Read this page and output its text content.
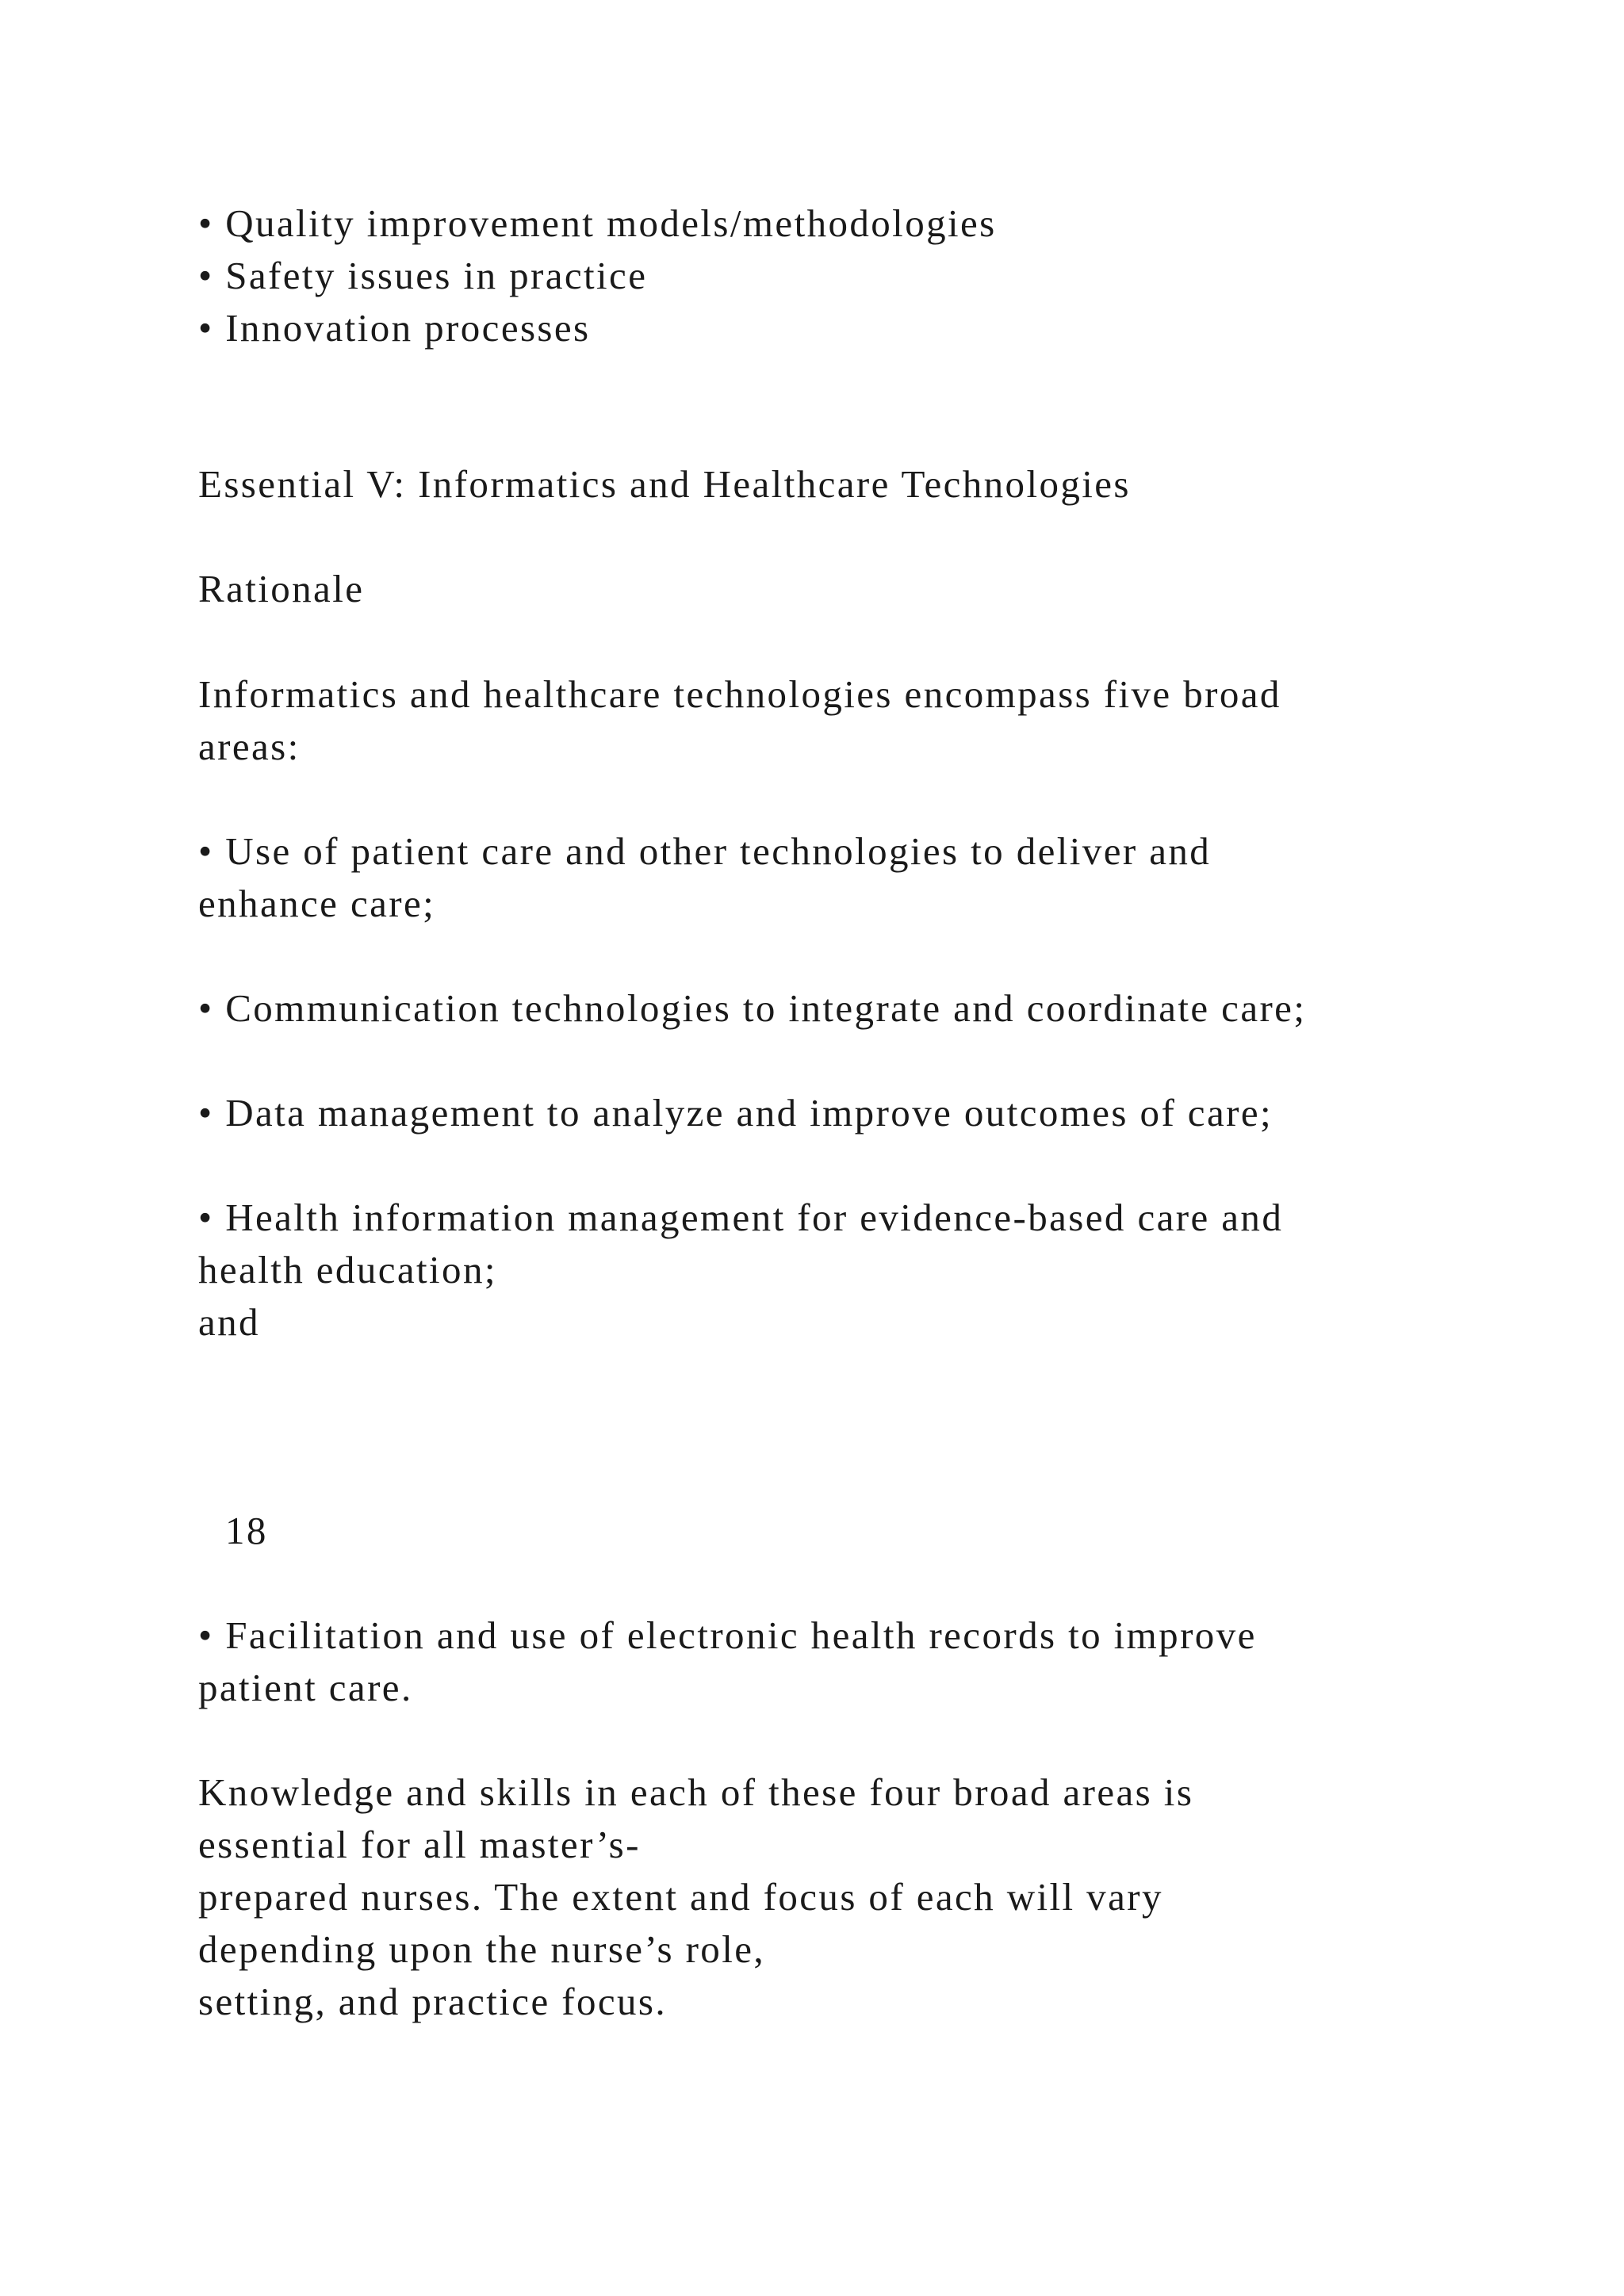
• Quality improvement models/methodologies
• Safety issues in practice
• Innovation processes
Essential V: Informatics and Healthcare Technologies
Rationale
Informatics and healthcare technologies encompass five broad
areas:
• Use of patient care and other technologies to deliver and
enhance care;
• Communication technologies to integrate and coordinate care;
• Data management to analyze and improve outcomes of care;
• Health information management for evidence-based care and
health education;
and
18
• Facilitation and use of electronic health records to improve
patient care.
Knowledge and skills in each of these four broad areas is
essential for all master’s-
prepared nurses. The extent and focus of each will vary
depending upon the nurse’s role,
setting, and practice focus.
